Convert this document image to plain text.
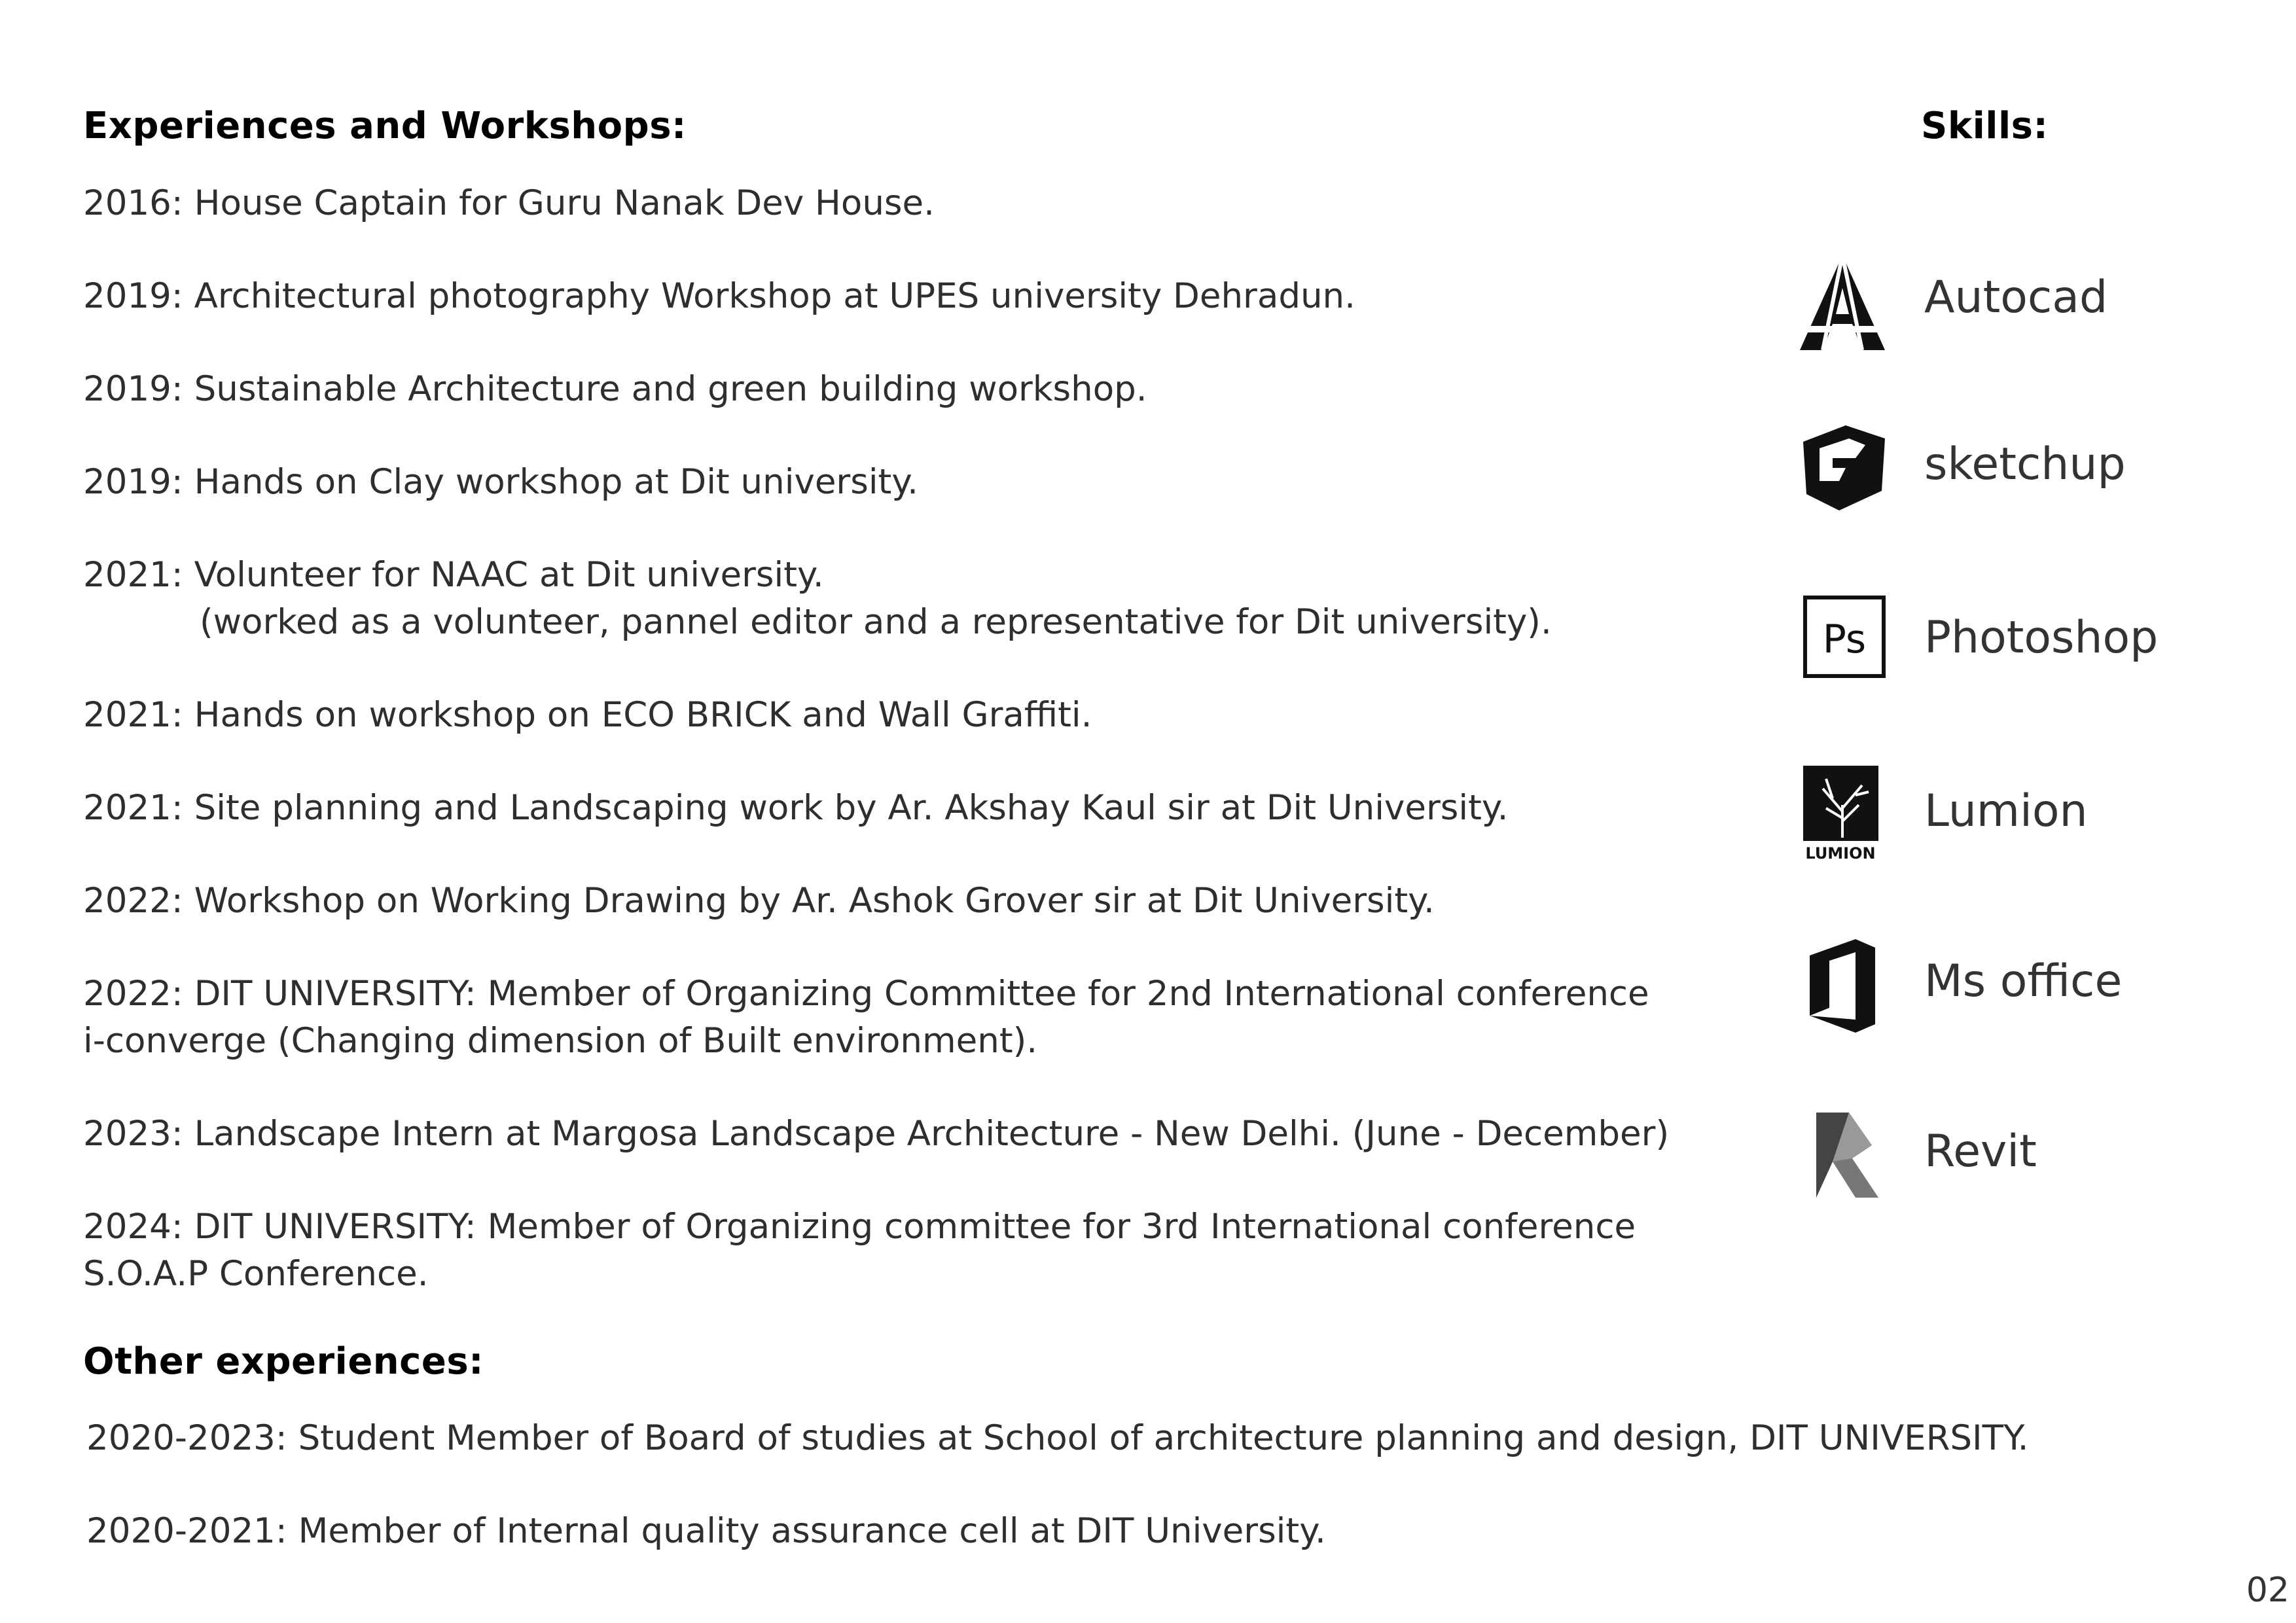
Experiences and Workshops:
2016: House Captain for Guru Nanak Dev House.
2019: Architectural photography Workshop at UPES university Dehradun.
2019: Sustainable Architecture and green building workshop.
2019: Hands on Clay workshop at Dit university.
2021: Volunteer for NAAC at Dit university.
(worked as a volunteer, pannel editor and a representative for Dit university).
2021: Hands on workshop on ECO BRICK and Wall Graffiti.
2021: Site planning and Landscaping work by Ar. Akshay Kaul sir at Dit University.
2022: Workshop on Working Drawing by Ar. Ashok Grover sir at Dit University.
2022: DIT UNIVERSITY: Member of Organizing Committee for 2nd International conference
i-converge (Changing dimension of Built environment).
2023: Landscape Intern at Margosa Landscape Architecture - New Delhi. (June - December)
2024: DIT UNIVERSITY: Member of Organizing committee for 3rd International conference
S.O.A.P Conference.
Other experiences:
2020-2023: Student Member of Board of studies at School of architecture planning and design, DIT UNIVERSITY.
2020-2021: Member of Internal quality assurance cell at DIT University.
Skills:
Autocad
sketchup
Ps Photoshop
LUMION
Lumion
Ms office
Revit
02
